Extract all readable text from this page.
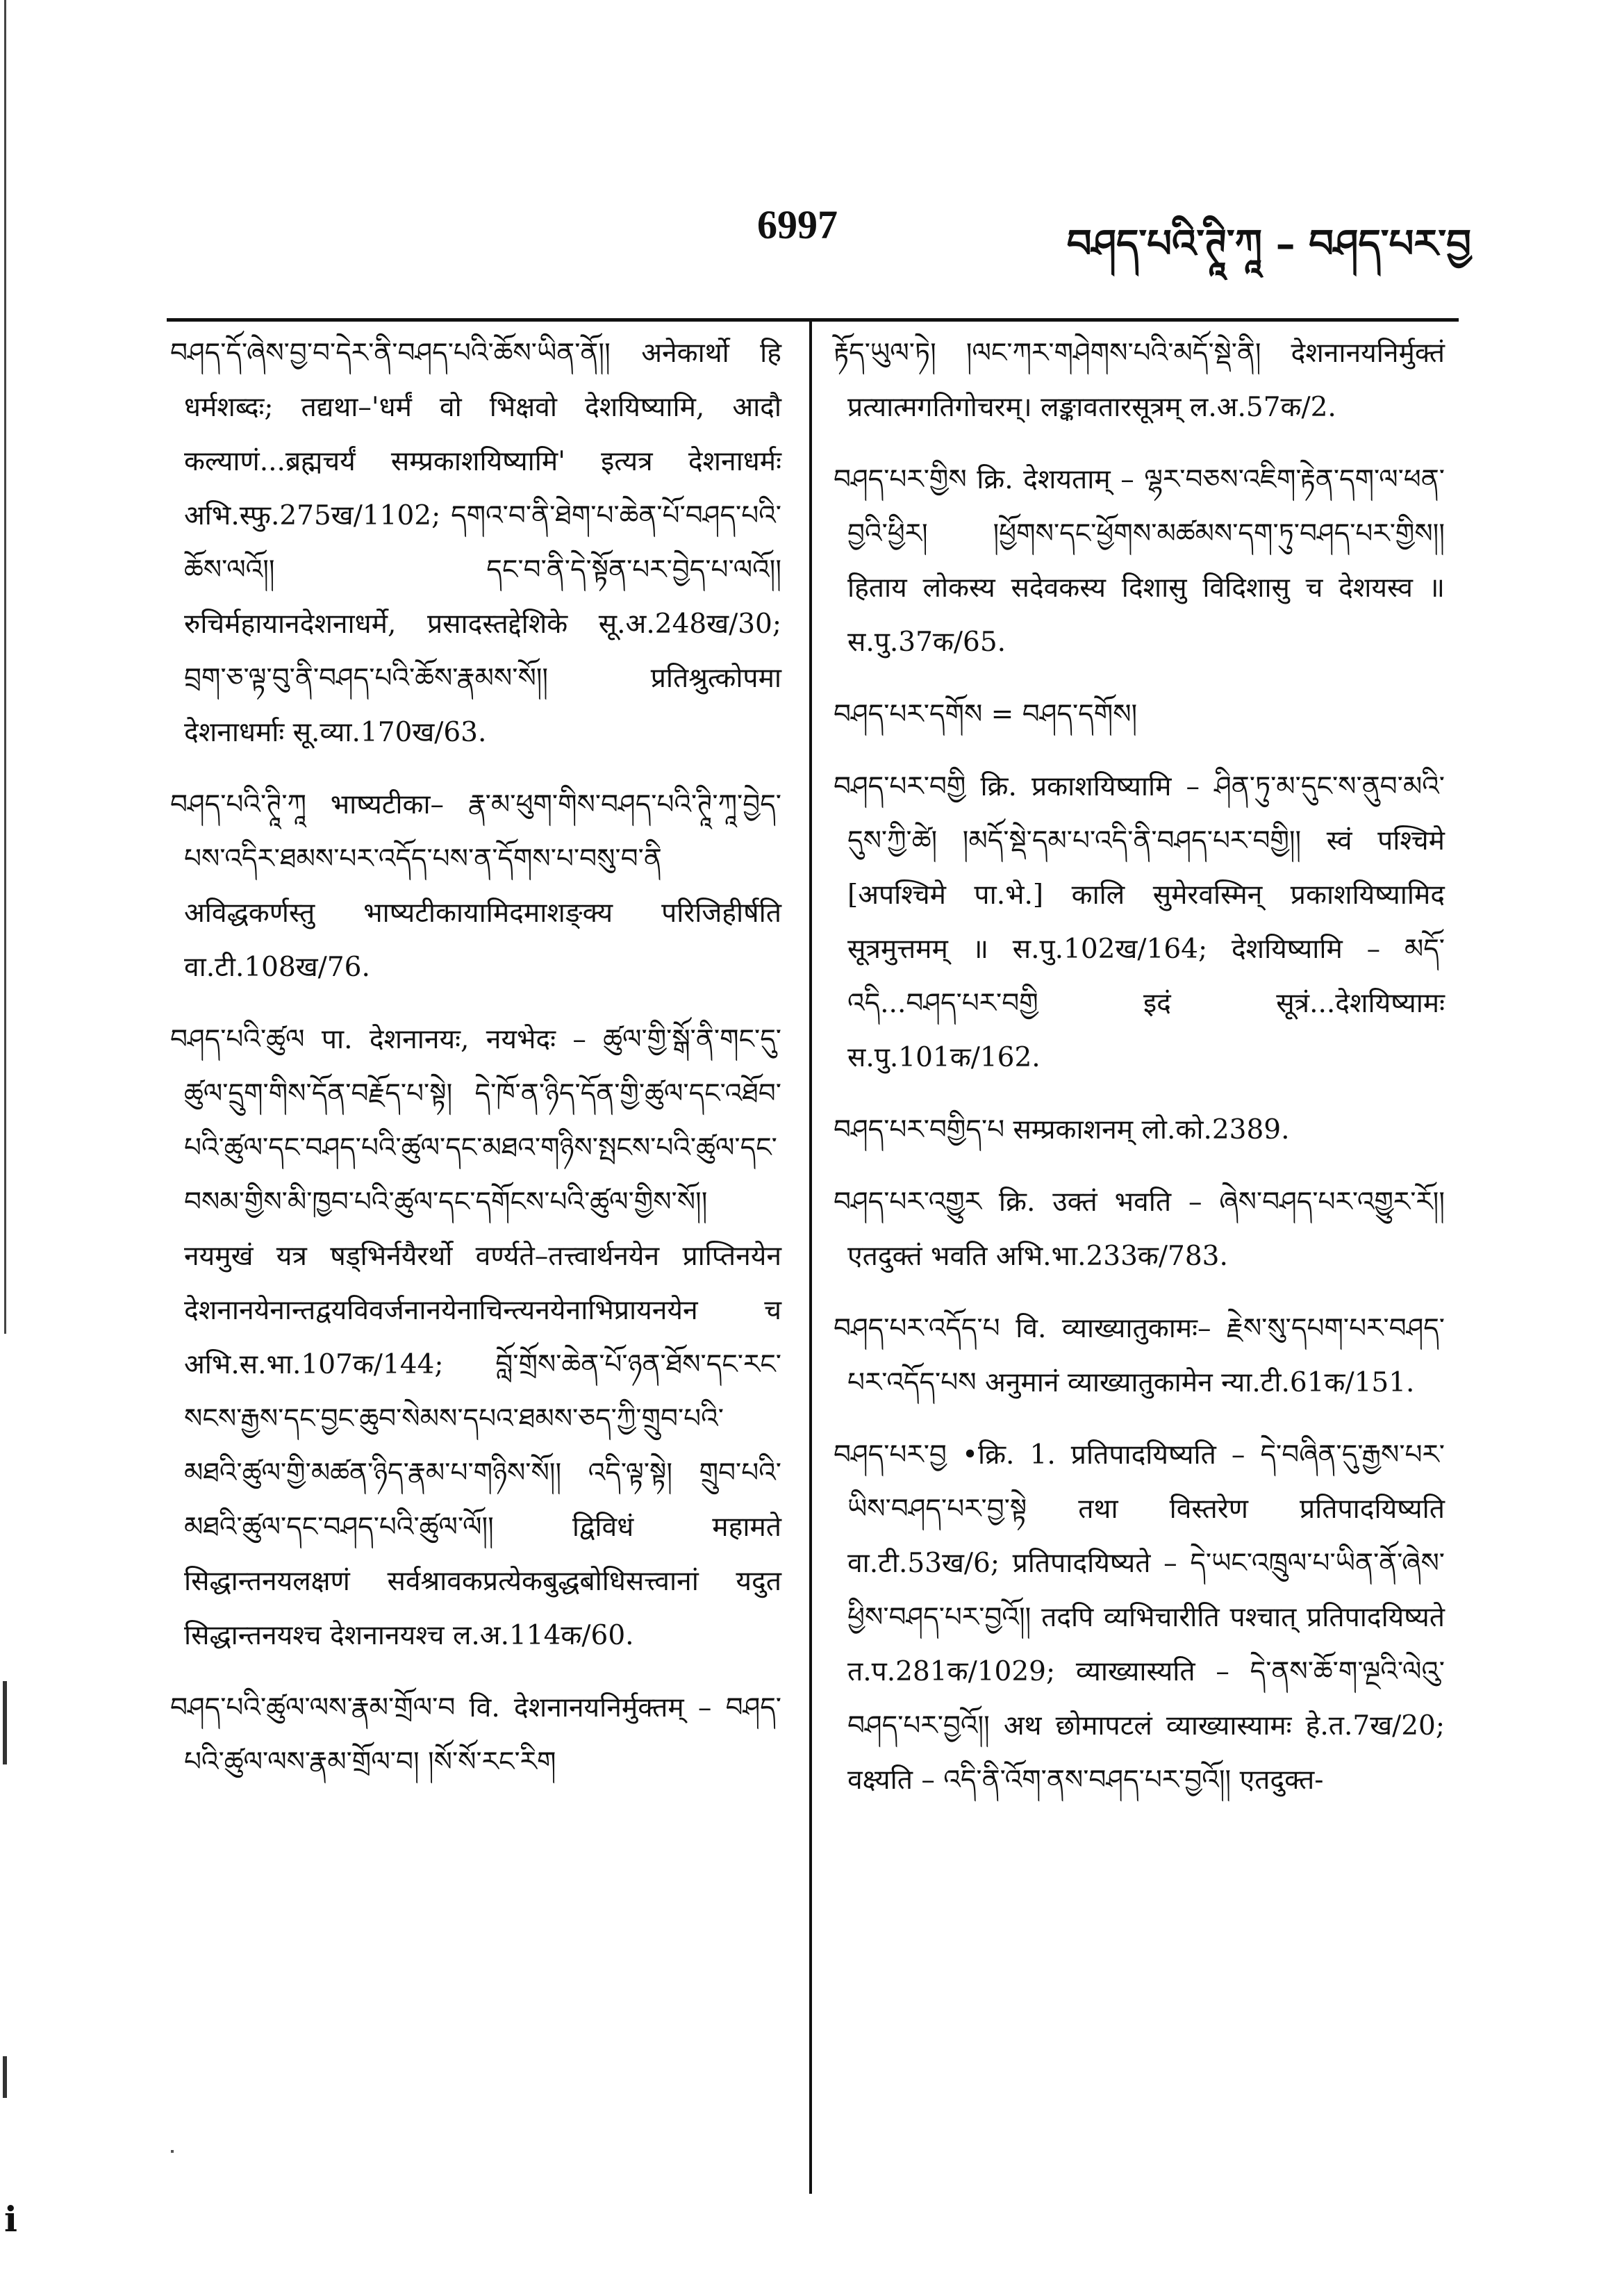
6997	བཤད་པའི་ཊཱི་ཀཱ – བཤད་པར་བྱ

བཤད་དོ་ཞེས་བྱ་བ་དེར་ནི་བཤད་པའི་ཆོས་ཡིན་ནོ།། अनेकार्थो हि धर्मशब्दः; तद्यथा–'धर्मं वो भिक्षवो देशयिष्यामि, आदौ कल्याणं...ब्रह्मचर्यं सम्प्रकाशयिष्यामि' इत्यत्र देशनाधर्मः अभि.स्फु.275ख/1102; དགའ་བ་ནི་ཐེག་པ་ཆེན་པོ་བཤད་པའི་ཆོས་ལའོ།། དང་བ་ནི་དེ་སྟོན་པར་བྱེད་པ་ལའོ།། रुचिर्महायानदेशनाधर्मे, प्रसादस्तद्देशिके सू.अ.248ख/30; བྲག་ཅ་ལྟ་བུ་ནི་བཤད་པའི་ཆོས་རྣམས་སོ།། प्रतिश्रुत्कोपमा देशनाधर्माः सू.व्या.170ख/63.

བཤད་པའི་ཊཱི་ཀཱ भाष्यटीका– རྣ་མ་ཕུག་གིས་བཤད་པའི་ཊཱི་ཀཱ་བྱེད་པས་འདིར་ཐམས་པར་འདོད་པས་ན་དོགས་པ་བསུ་བ་ནི अविद्धकर्णस्तु भाष्यटीकायामिदमाशङ्क्य परिजिहीर्षति वा.टी.108ख/76.

བཤད་པའི་ཚུལ पा. देशनानयः, नयभेदः – ཚུལ་གྱི་སྒོ་ནི་གང་དུ་ཚུལ་དྲུག་གིས་དོན་བརྗོད་པ་སྟེ། དེ་ཁོ་ན་ཉིད་དོན་གྱི་ཚུལ་དང་འཐོབ་པའི་ཚུལ་དང་བཤད་པའི་ཚུལ་དང་མཐའ་གཉིས་སྤངས་པའི་ཚུལ་དང་བསམ་གྱིས་མི་ཁྱབ་པའི་ཚུལ་དང་དགོངས་པའི་ཚུལ་གྱིས་སོ།། नयमुखं यत्र षड्भिर्नयैरर्थो वर्ण्यते–तत्त्वार्थनयेन प्राप्तिनयेन देशनानयेनान्तद्वयविवर्जनानयेनाचिन्त्यनयेनाभिप्रायनयेन च अभि.स.भा.107क/144; བློ་གྲོས་ཆེན་པོ་ཉན་ཐོས་དང་རང་སངས་རྒྱས་དང་བྱང་ཆུབ་སེམས་དཔའ་ཐམས་ཅད་ཀྱི་གྲུབ་པའི་མཐའི་ཚུལ་གྱི་མཚན་ཉིད་རྣམ་པ་གཉིས་སོ།། འདི་ལྟ་སྟེ། གྲུབ་པའི་མཐའི་ཚུལ་དང་བཤད་པའི་ཚུལ་ལོ།། द्विविधं महामते सिद्धान्तनयलक्षणं सर्वश्रावकप्रत्येकबुद्धबोधिसत्त्वानां यदुत सिद्धान्तनयश्च देशनानयश्च ल.अ.114क/60.

བཤད་པའི་ཚུལ་ལས་རྣམ་གྲོལ་བ वि. देशनानयनिर्मुक्तम् – བཤད་པའི་ཚུལ་ལས་རྣམ་གྲོལ་བ། །སོ་སོ་རང་རིག

རྟོད་ཡུལ་ཏེ། །ལང་ཀར་གཤེགས་པའི་མདོ་སྡེ་ནི། देशनानयनिर्मुक्तं प्रत्यात्मगतिगोचरम्। लङ्कावतारसूत्रम् ल.अ.57क/2.

བཤད་པར་གྱིས क्रि. देशयताम् – ལྷར་བཅས་འཇིག་རྟེན་དག་ལ་ཕན་བྱའི་ཕྱིར། །ཕྱོགས་དང་ཕྱོགས་མཚམས་དག་ཏུ་བཤད་པར་གྱིས།། हिताय लोकस्य सदेवकस्य दिशासु विदिशासु च देशयस्व ॥ स.पु.37क/65.

བཤད་པར་དགོས = བཤད་དགོས།

བཤད་པར་བགྱི क्रि. प्रकाशयिष्यामि – ཤིན་ཏུ་མ་དུང་ས་ནུབ་མའི་དུས་ཀྱི་ཚེ། །མདོ་སྡེ་དམ་པ་འདི་ནི་བཤད་པར་བགྱི།། स्वं पश्चिमे [अपश्चिमे पा.भे.] कालि सुमेरवस्मिन् प्रकाशयिष्यामिद सूत्रमुत्तमम् ॥ स.पु.102ख/164; देशयिष्यामि – མདོ་འདི...བཤད་པར་བགྱི इदं सूत्रं...देशयिष्यामः स.पु.101क/162.

བཤད་པར་བགྱིད་པ सम्प्रकाशनम् लो.को.2389.

བཤད་པར་འགྱུར क्रि. उक्तं भवति – ཞེས་བཤད་པར་འགྱུར་རོ།། एतदुक्तं भवति अभि.भा.233क/783.

བཤད་པར་འདོད་པ वि. व्याख्यातुकामः– རྗེས་སུ་དཔག་པར་བཤད་པར་འདོད་པས अनुमानं व्याख्यातुकामेन न्या.टी.61क/151.

བཤད་པར་བྱ •क्रि. 1. प्रतिपादयिष्यति – དེ་བཞིན་དུ་རྒྱས་པར་ཡིས་བཤད་པར་བྱ་སྟེ तथा विस्तरेण प्रतिपादयिष्यति वा.टी.53ख/6; प्रतिपादयिष्यते – དེ་ཡང་འཁྲུལ་པ་ཡིན་ནོ་ཞེས་ཕྱིས་བཤད་པར་བྱའོ།། तदपि व्यभिचारीति पश्चात् प्रतिपादयिष्यते त.प.281क/1029; व्याख्यास्यति – དེ་ནས་ཆོ་ག་ལྔའི་ལེའུ་བཤད་པར་བྱའོ།། अथ छोमापटलं व्याख्यास्यामः हे.त.7ख/20; वक्ष्यति – འདི་ནི་འོག་ནས་བཤད་པར་བྱའོ།། एतदुक्त-

i
